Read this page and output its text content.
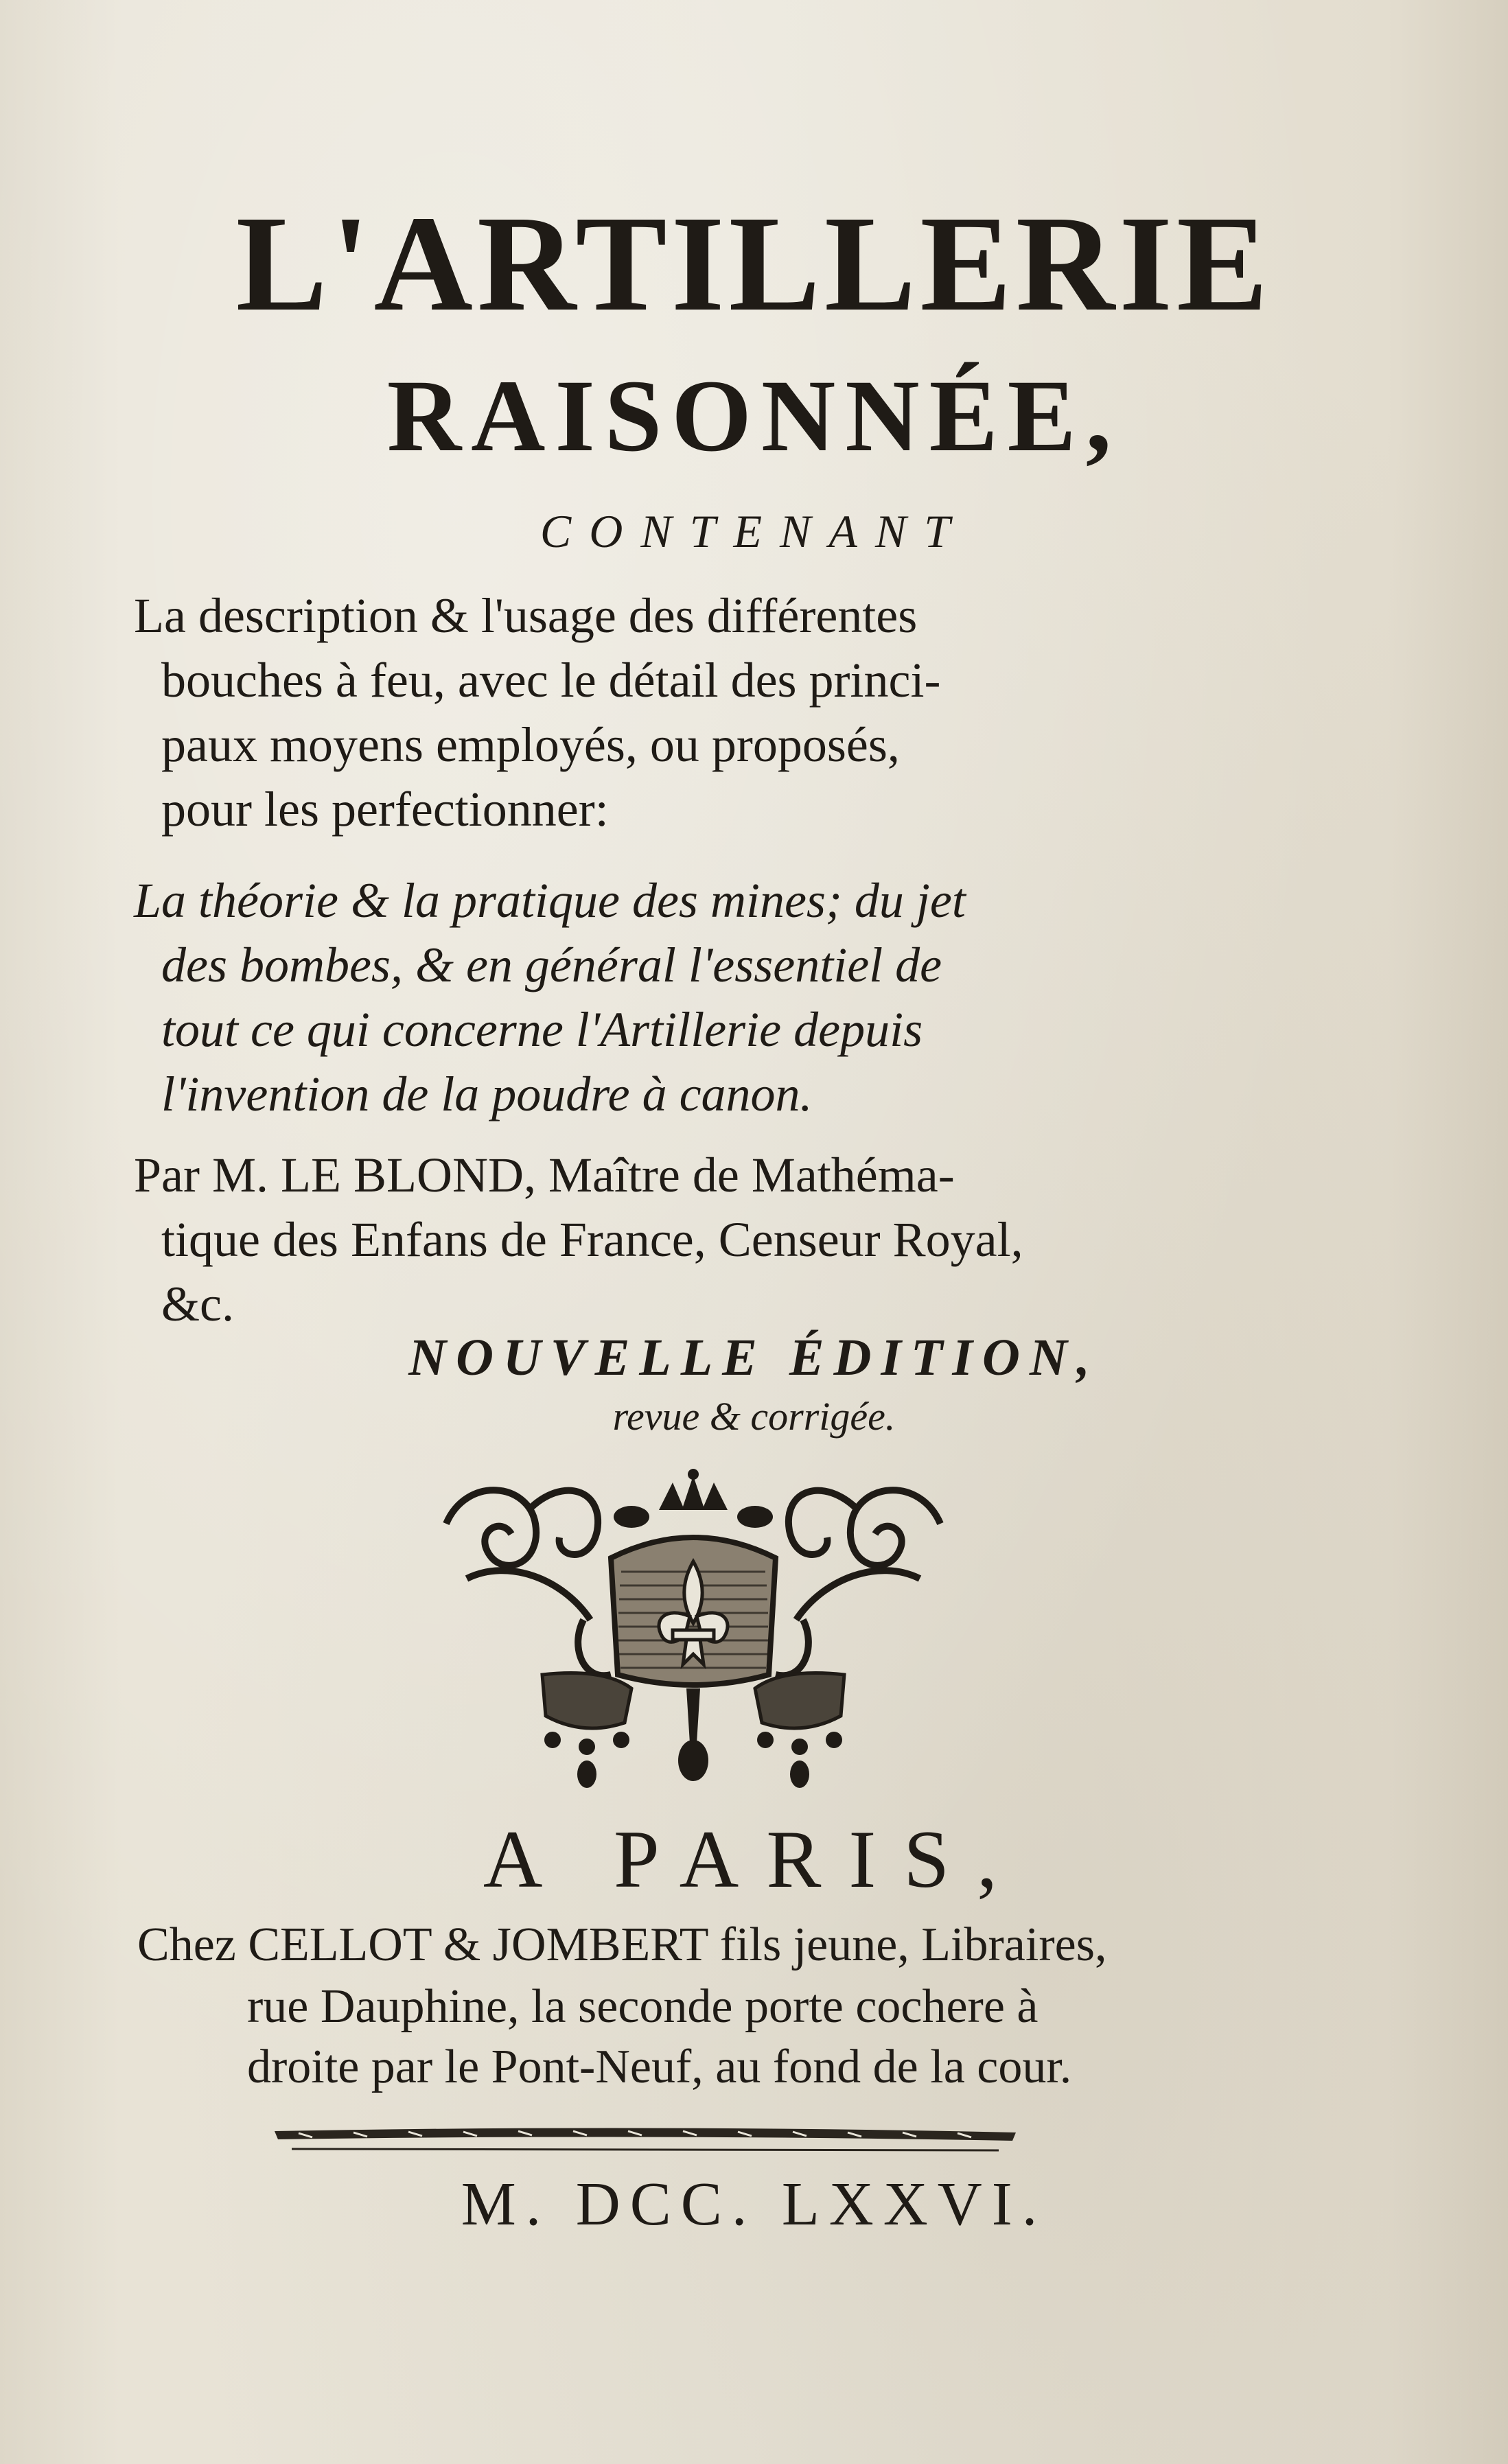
L'ARTILLERIE
RAISONNÉE,
CONTENANT
La description & l'usage des différentes
bouches à feu, avec le détail des princi-
paux moyens employés, ou proposés,
pour les perfectionner:
La théorie & la pratique des mines; du jet
des bombes, & en général l'essentiel de
tout ce qui concerne l'Artillerie depuis
l'invention de la poudre à canon.
Par M. LE BLOND, Maître de Mathéma-
tique des Enfans de France, Censeur Royal,
&c.
NOUVELLE ÉDITION,
revue & corrigée.
A PARIS,
Chez CELLOT & JOMBERT fils jeune, Libraires,
rue Dauphine, la seconde porte cochere à
droite par le Pont-Neuf, au fond de la cour.
M. DCC. LXXVI.
